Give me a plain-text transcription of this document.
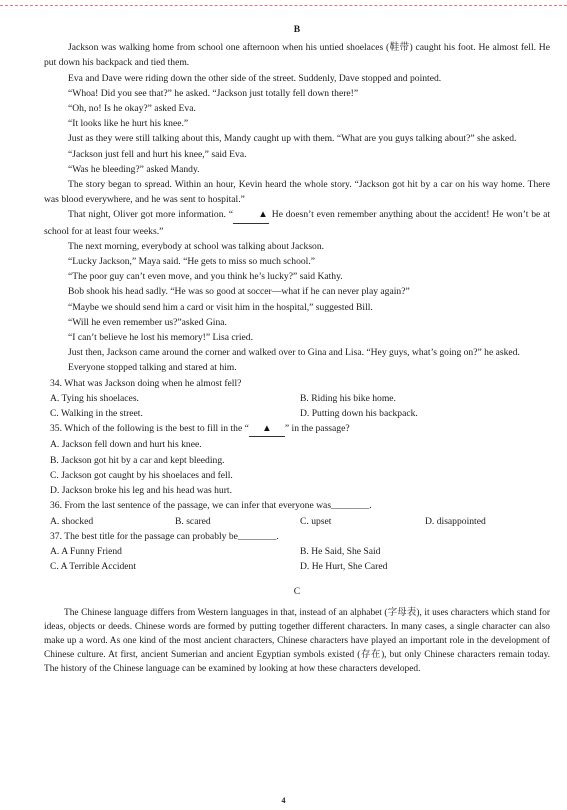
B

Jackson was walking home from school one afternoon when his untied shoelaces (鞋带) caught his foot. He almost fell. He put down his backpack and tied them.

Eva and Dave were riding down the other side of the street. Suddenly, Dave stopped and pointed.

“Whoa! Did you see that?” he asked. “Jackson just totally fell down there!”

“Oh, no! Is he okay?” asked Eva.

“It looks like he hurt his knee.”

Just as they were still talking about this, Mandy caught up with them. “What are you guys talking about?” she asked.

“Jackson just fell and hurt his knee,” said Eva.

“Was he bleeding?” asked Mandy.

The story began to spread. Within an hour, Kevin heard the whole story. “Jackson got hit by a car on his way home. There was blood everywhere, and he was sent to hospital.”

That night, Oliver got more information. “	▲ He doesn’t even remember anything about the accident! He won’t be at school for at least four weeks.”

The next morning, everybody at school was talking about Jackson.

“Lucky Jackson,” Maya said. “He gets to miss so much school.”

“The poor guy can’t even move, and you think he’s lucky?” said Kathy.

Bob shook his head sadly. “He was so good at soccer—what if he can never play again?”

“Maybe we should send him a card or visit him in the hospital,” suggested Bill.

“Will he even remember us?”asked Gina.

“I can’t believe he lost his memory!” Lisa cried.

Just then, Jackson came around the corner and walked over to Gina and Lisa. “Hey guys, what’s going on?” he asked.

Everyone stopped talking and stared at him.

34. What was Jackson doing when he almost fell?
A. Tying his shoelaces.	B. Riding his bike home.
C. Walking in the street.	D. Putting down his backpack.
35. Which of the following is the best to fill in the “ ▲ ” in the passage?
A. Jackson fell down and hurt his knee.
B. Jackson got hit by a car and kept bleeding.
C. Jackson got caught by his shoelaces and fell.
D. Jackson broke his leg and his head was hurt.
36. From the last sentence of the passage, we can infer that everyone was________.
A. shocked	B. scared	C. upset	D. disappointed
37. The best title for the passage can probably be________.
A. A Funny Friend	B. He Said, She Said
C. A Terrible Accident	D. He Hurt, She Cared
C

The Chinese language differs from Western languages in that, instead of an alphabet (字母表), it uses characters which stand for ideas, objects or deeds. Chinese words are formed by putting together different characters. In many cases, a single character can also make up a word. As one kind of the most ancient characters, Chinese characters have played an important role in the development of Chinese culture. At first, ancient Sumerian and ancient Egyptian symbols existed (存在), but only Chinese characters remain today. The history of the Chinese language can be examined by looking at how these characters developed.

4
